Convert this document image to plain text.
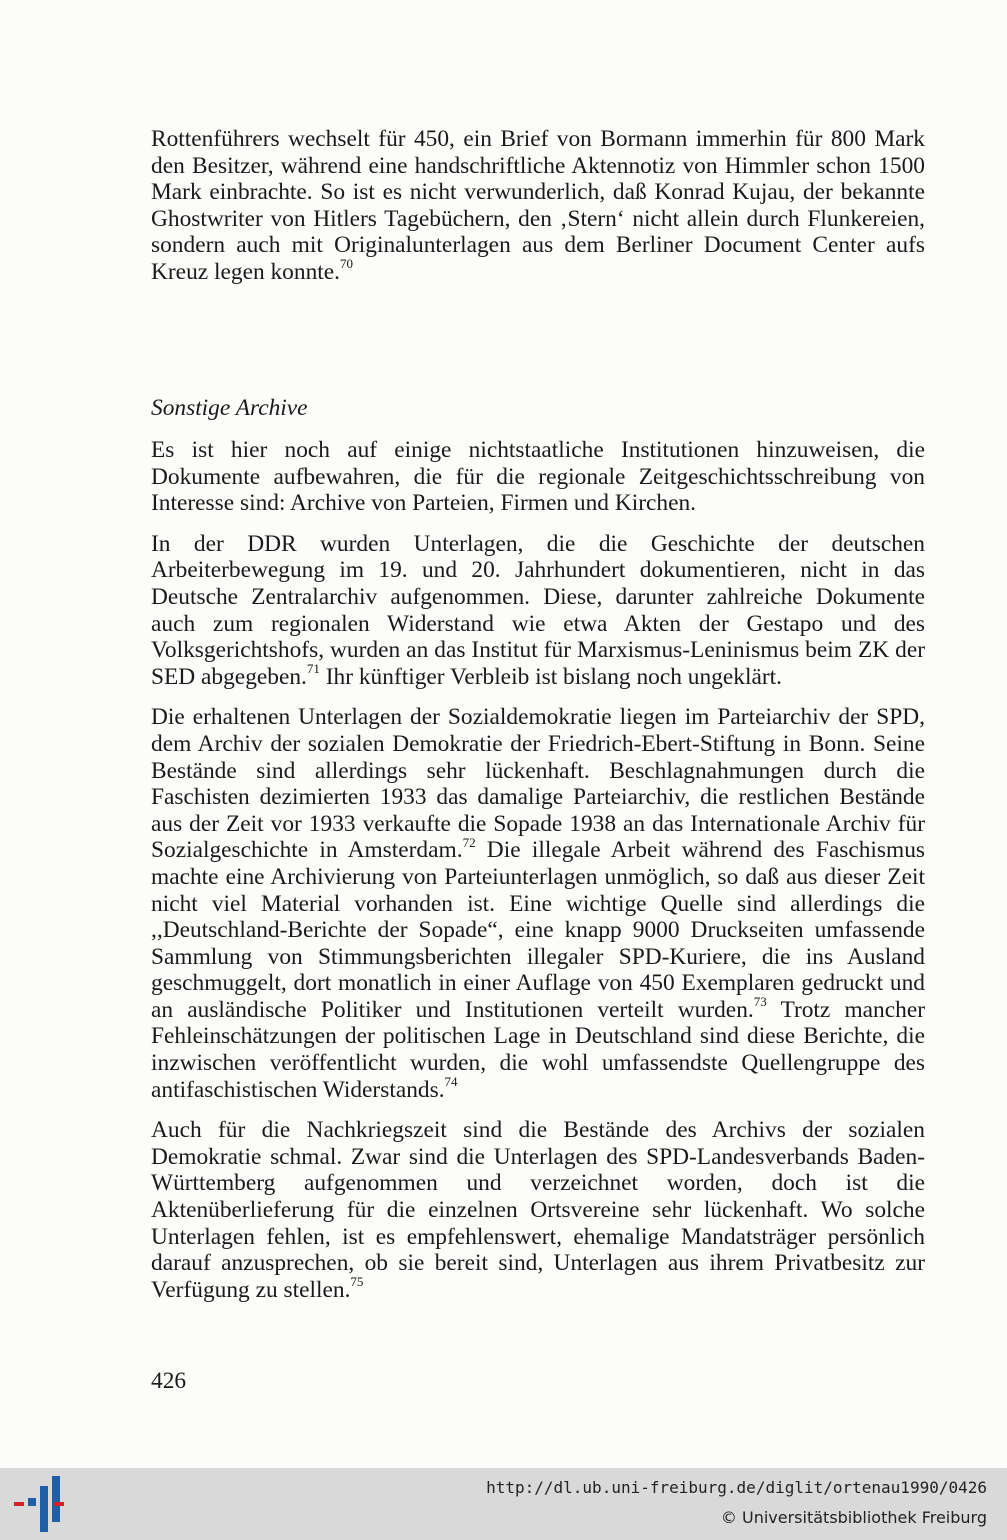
Rottenführers wechselt für 450, ein Brief von Bormann immerhin für 800 Mark den Besitzer, während eine handschriftliche Aktennotiz von Himmler schon 1500 Mark einbrachte. So ist es nicht verwunderlich, daß Konrad Kujau, der bekannte Ghostwriter von Hitlers Tagebüchern, den ‚Stern‘ nicht allein durch Flunkereien, sondern auch mit Originalunterlagen aus dem Berliner Document Center aufs Kreuz legen konnte.$^{70}$

Sonstige Archive

Es ist hier noch auf einige nichtstaatliche Institutionen hinzuweisen, die Dokumente aufbewahren, die für die regionale Zeitgeschichtsschreibung von Interesse sind: Archive von Parteien, Firmen und Kirchen.

In der DDR wurden Unterlagen, die die Geschichte der deutschen Arbeiterbewegung im 19. und 20. Jahrhundert dokumentieren, nicht in das Deutsche Zentralarchiv aufgenommen. Diese, darunter zahlreiche Dokumente auch zum regionalen Widerstand wie etwa Akten der Gestapo und des Volksgerichtshofs, wurden an das Institut für Marxismus-Leninismus beim ZK der SED abgegeben.$^{71}$ Ihr künftiger Verbleib ist bislang noch ungeklärt.

Die erhaltenen Unterlagen der Sozialdemokratie liegen im Parteiarchiv der SPD, dem Archiv der sozialen Demokratie der Friedrich-Ebert-Stiftung in Bonn. Seine Bestände sind allerdings sehr lückenhaft. Beschlagnahmungen durch die Faschisten dezimierten 1933 das damalige Parteiarchiv, die restlichen Bestände aus der Zeit vor 1933 verkaufte die Sopade 1938 an das Internationale Archiv für Sozialgeschichte in Amsterdam.$^{72}$ Die illegale Arbeit während des Faschismus machte eine Archivierung von Parteiunterlagen unmöglich, so daß aus dieser Zeit nicht viel Material vorhanden ist. Eine wichtige Quelle sind allerdings die ,,Deutschland-Berichte der Sopade“, eine knapp 9000 Druckseiten umfassende Sammlung von Stimmungsberichten illegaler SPD-Kuriere, die ins Ausland geschmuggelt, dort monatlich in einer Auflage von 450 Exemplaren gedruckt und an ausländische Politiker und Institutionen verteilt wurden.$^{73}$ Trotz mancher Fehleinschätzungen der politischen Lage in Deutschland sind diese Berichte, die inzwischen veröffentlicht wurden, die wohl umfassendste Quellengruppe des antifaschistischen Widerstands.$^{74}$

Auch für die Nachkriegszeit sind die Bestände des Archivs der sozialen Demokratie schmal. Zwar sind die Unterlagen des SPD-Landesverbands Baden-Württemberg aufgenommen und verzeichnet worden, doch ist die Aktenüberlieferung für die einzelnen Ortsvereine sehr lückenhaft. Wo solche Unterlagen fehlen, ist es empfehlenswert, ehemalige Mandatsträger persönlich darauf anzusprechen, ob sie bereit sind, Unterlagen aus ihrem Privatbesitz zur Verfügung zu stellen.$^{75}$

426
http://dl.ub.uni-freiburg.de/diglit/ortenau1990/0426
© Universitätsbibliothek Freiburg
